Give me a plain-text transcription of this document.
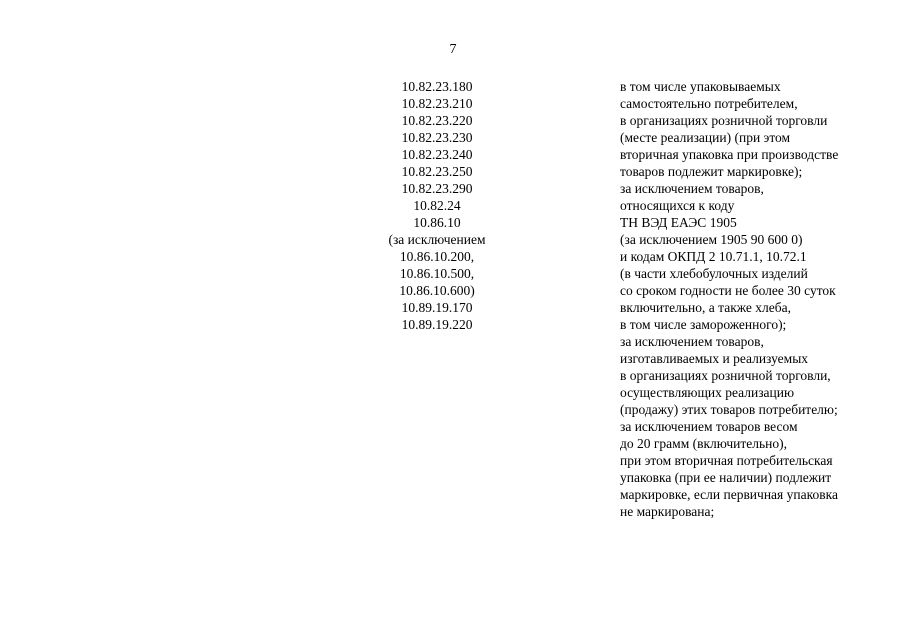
7
10.82.23.180
10.82.23.210
10.82.23.220
10.82.23.230
10.82.23.240
10.82.23.250
10.82.23.290
10.82.24
10.86.10
(за исключением
10.86.10.200,
10.86.10.500,
10.86.10.600)
10.89.19.170
10.89.19.220
в том числе упаковываемых
самостоятельно потребителем,
в организациях розничной торговли
(месте реализации) (при этом
вторичная упаковка при производстве
товаров подлежит маркировке);
за исключением товаров,
относящихся к коду
ТН ВЭД ЕАЭС 1905
(за исключением 1905 90 600 0)
и кодам ОКПД 2 10.71.1, 10.72.1
(в части хлебобулочных изделий
со сроком годности не более 30 суток
включительно, а также хлеба,
в том числе замороженного);
за исключением товаров,
изготавливаемых и реализуемых
в организациях розничной торговли,
осуществляющих реализацию
(продажу) этих товаров потребителю;
за исключением товаров весом
до 20 грамм (включительно),
при этом вторичная потребительская
упаковка (при ее наличии) подлежит
маркировке, если первичная упаковка
не маркирована;
